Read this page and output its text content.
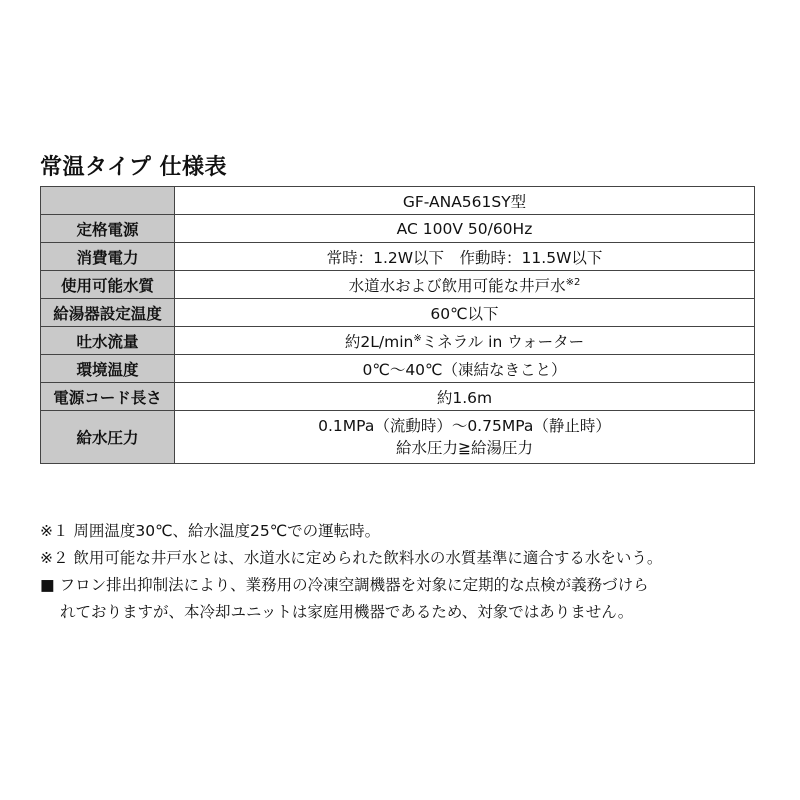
常温タイプ 仕様表
	GF-ANA561SY型
定格電源	AC 100V 50/60Hz
消費電力	常時：1.2W以下　作動時：11.5W以下
使用可能水質	水道水および飲用可能な井戸水$^{※2}$
給湯器設定温度	60℃以下
吐水流量	約2L/min※ミネラル in ウォーター
環境温度	0℃～40℃（凍結なきこと）
電源コード長さ	約1.6m
給水圧力	0.1MPa（流動時）～0.75MPa（静止時）
給水圧力≧給湯圧力
※１ 周囲温度30℃、給水温度25℃での運転時。
※２ 飲用可能な井戸水とは、水道水に定められた飲料水の水質基準に適合する水をいう。
■ フロン排出抑制法により、業務用の冷凍空調機器を対象に定期的な点検が義務づけら
れておりますが、本冷却ユニットは家庭用機器であるため、対象ではありません。
